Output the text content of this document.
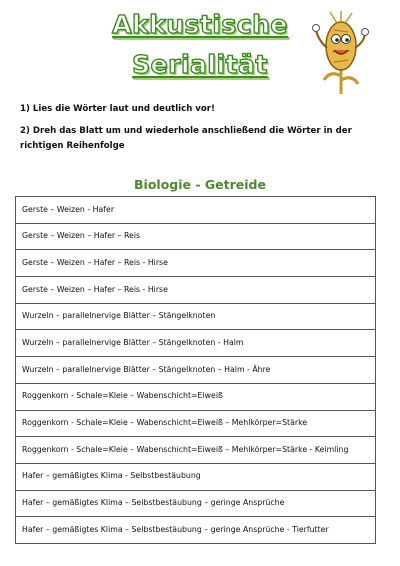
Akkustische
Serialität
1) Lies die Wörter laut und deutlich vor!
2) Dreh das Blatt um und wiederhole anschließend die Wörter in der richtigen Reihenfolge
Biologie - Getreide
Gerste – Weizen - Hafer
Gerste – Weizen – Hafer – Reis
Gerste – Weizen – Hafer – Reis - Hirse
Gerste – Weizen – Hafer – Reis - Hirse
Wurzeln – parallelnervige Blätter – Stängelknoten
Wurzeln – parallelnervige Blätter – Stängelknoten - Halm
Wurzeln – parallelnervige Blätter – Stängelknoten – Halm - Ähre
Roggenkorn - Schale=Kleie – Wabenschicht=Eiweiß
Roggenkorn - Schale=Kleie – Wabenschicht=Eiweiß – Mehlkörper=Stärke
Roggenkorn - Schale=Kleie – Wabenschicht=Eiweiß – Mehlkörper=Stärke - Keimling
Hafer – gemäßigtes Klima - Selbstbestäubung
Hafer – gemäßigtes Klima – Selbstbestäubung – geringe Ansprüche
Hafer – gemäßigtes Klima – Selbstbestäubung – geringe Ansprüche - Tierfutter
